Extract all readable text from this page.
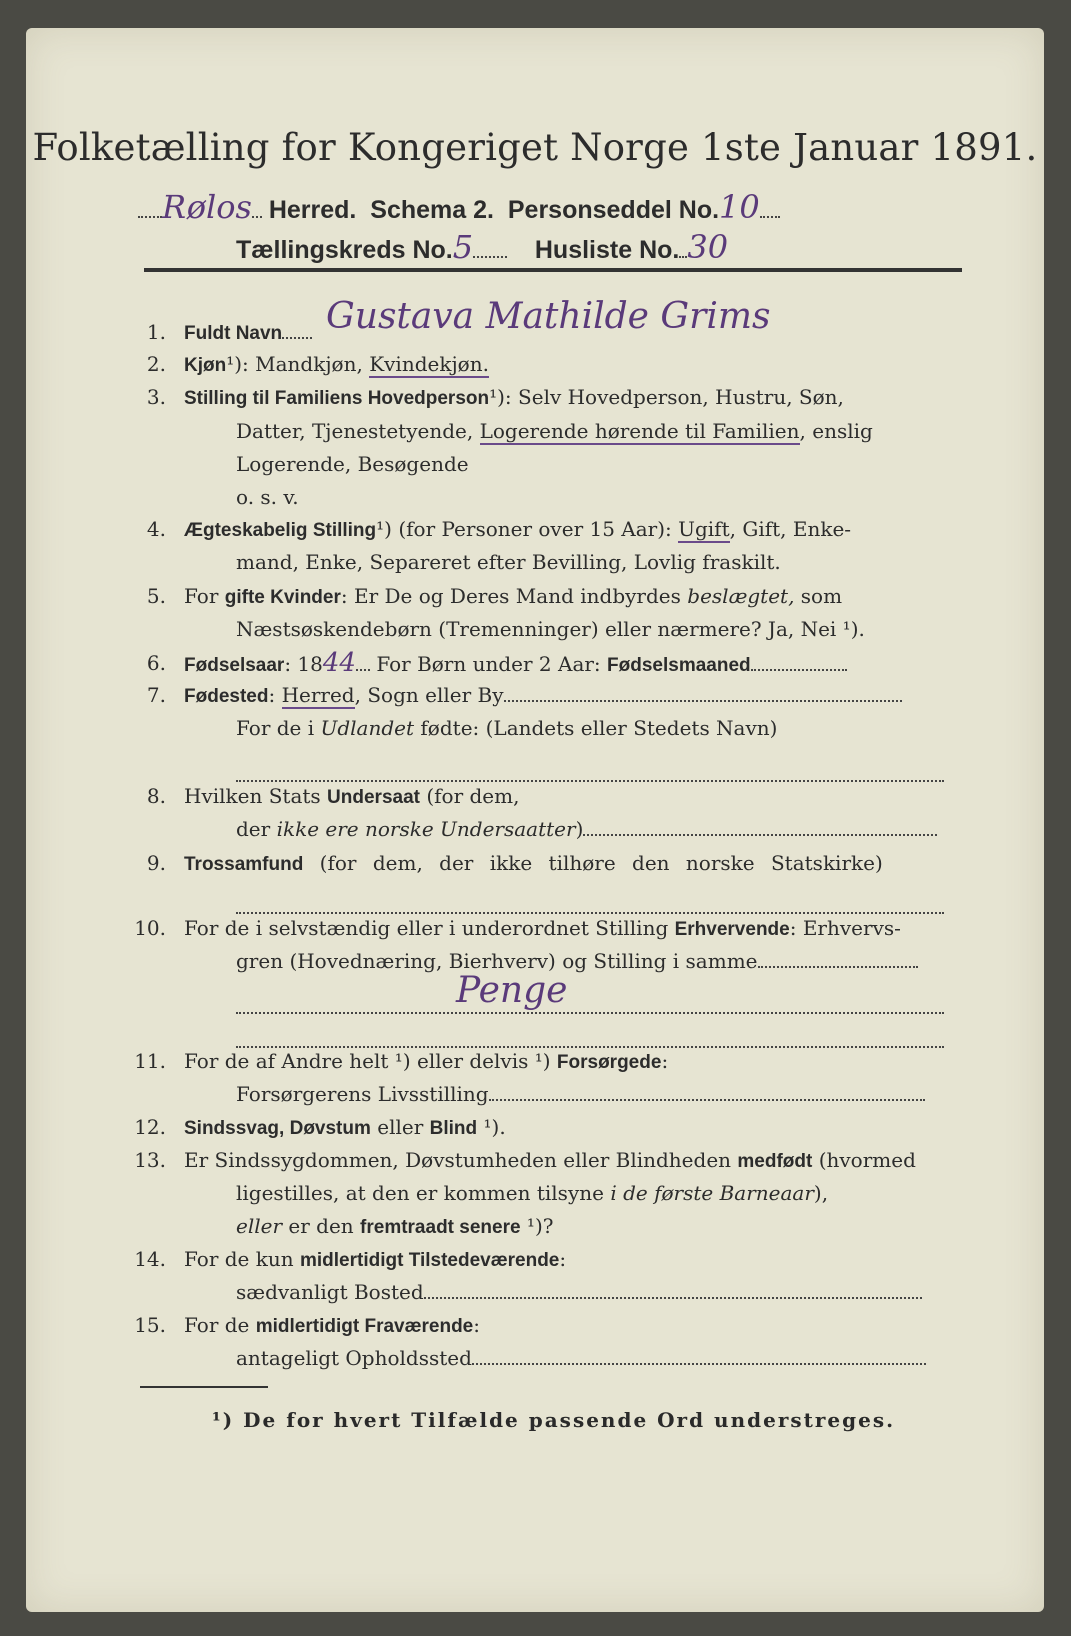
Folketælling for Kongeriget Norge 1ste Januar 1891.
Rølos Herred. Schema 2. Personseddel No.10
Tællingskreds No.5 Husliste No. 30
1. Fuldt Navn	Gustava Mathilde Grims
2. Kjøn¹): Mandkjøn, Kvindekjøn.
3. Stilling til Familiens Hovedperson¹): Selv Hovedperson, Hustru, Søn,
Datter, Tjenestetyende, Logerende hørende til Familien, enslig
Logerende, Besøgende
o. s. v.
4. Ægteskabelig Stilling¹) (for Personer over 15 Aar): Ugift, Gift, Enke-
mand, Enke, Separeret efter Bevilling, Lovlig fraskilt.
5. For gifte Kvinder: Er De og Deres Mand indbyrdes beslægtet, som
Næstsøskendebørn (Tremenninger) eller nærmere? Ja, Nei ¹).
6. Fødselsaar: 1844 For Børn under 2 Aar: Fødselsmaaned
7. Fødested: Herred, Sogn eller By
For de i Udlandet fødte: (Landets eller Stedets Navn)
8. Hvilken Stats Undersaat (for dem,
der ikke ere norske Undersaatter)
9. Trossamfund (for dem, der ikke tilhøre den norske Statskirke)
10. For de i selvstændig eller i underordnet Stilling Erhvervende: Erhvervs-
gren (Hovednæring, Bierhverv) og Stilling i samme
Penge
11. For de af Andre helt ¹) eller delvis ¹) Forsørgede:
Forsørgerens Livsstilling
12. Sindssvag, Døvstum eller Blind ¹).
13. Er Sindssygdommen, Døvstumheden eller Blindheden medfødt (hvormed
ligestilles, at den er kommen tilsyne i de første Barneaar),
eller er den fremtraadt senere ¹)?
14. For de kun midlertidigt Tilstedeværende:
sædvanligt Bosted
15. For de midlertidigt Fraværende:
antageligt Opholdssted
¹) De for hvert Tilfælde passende Ord understreges.
